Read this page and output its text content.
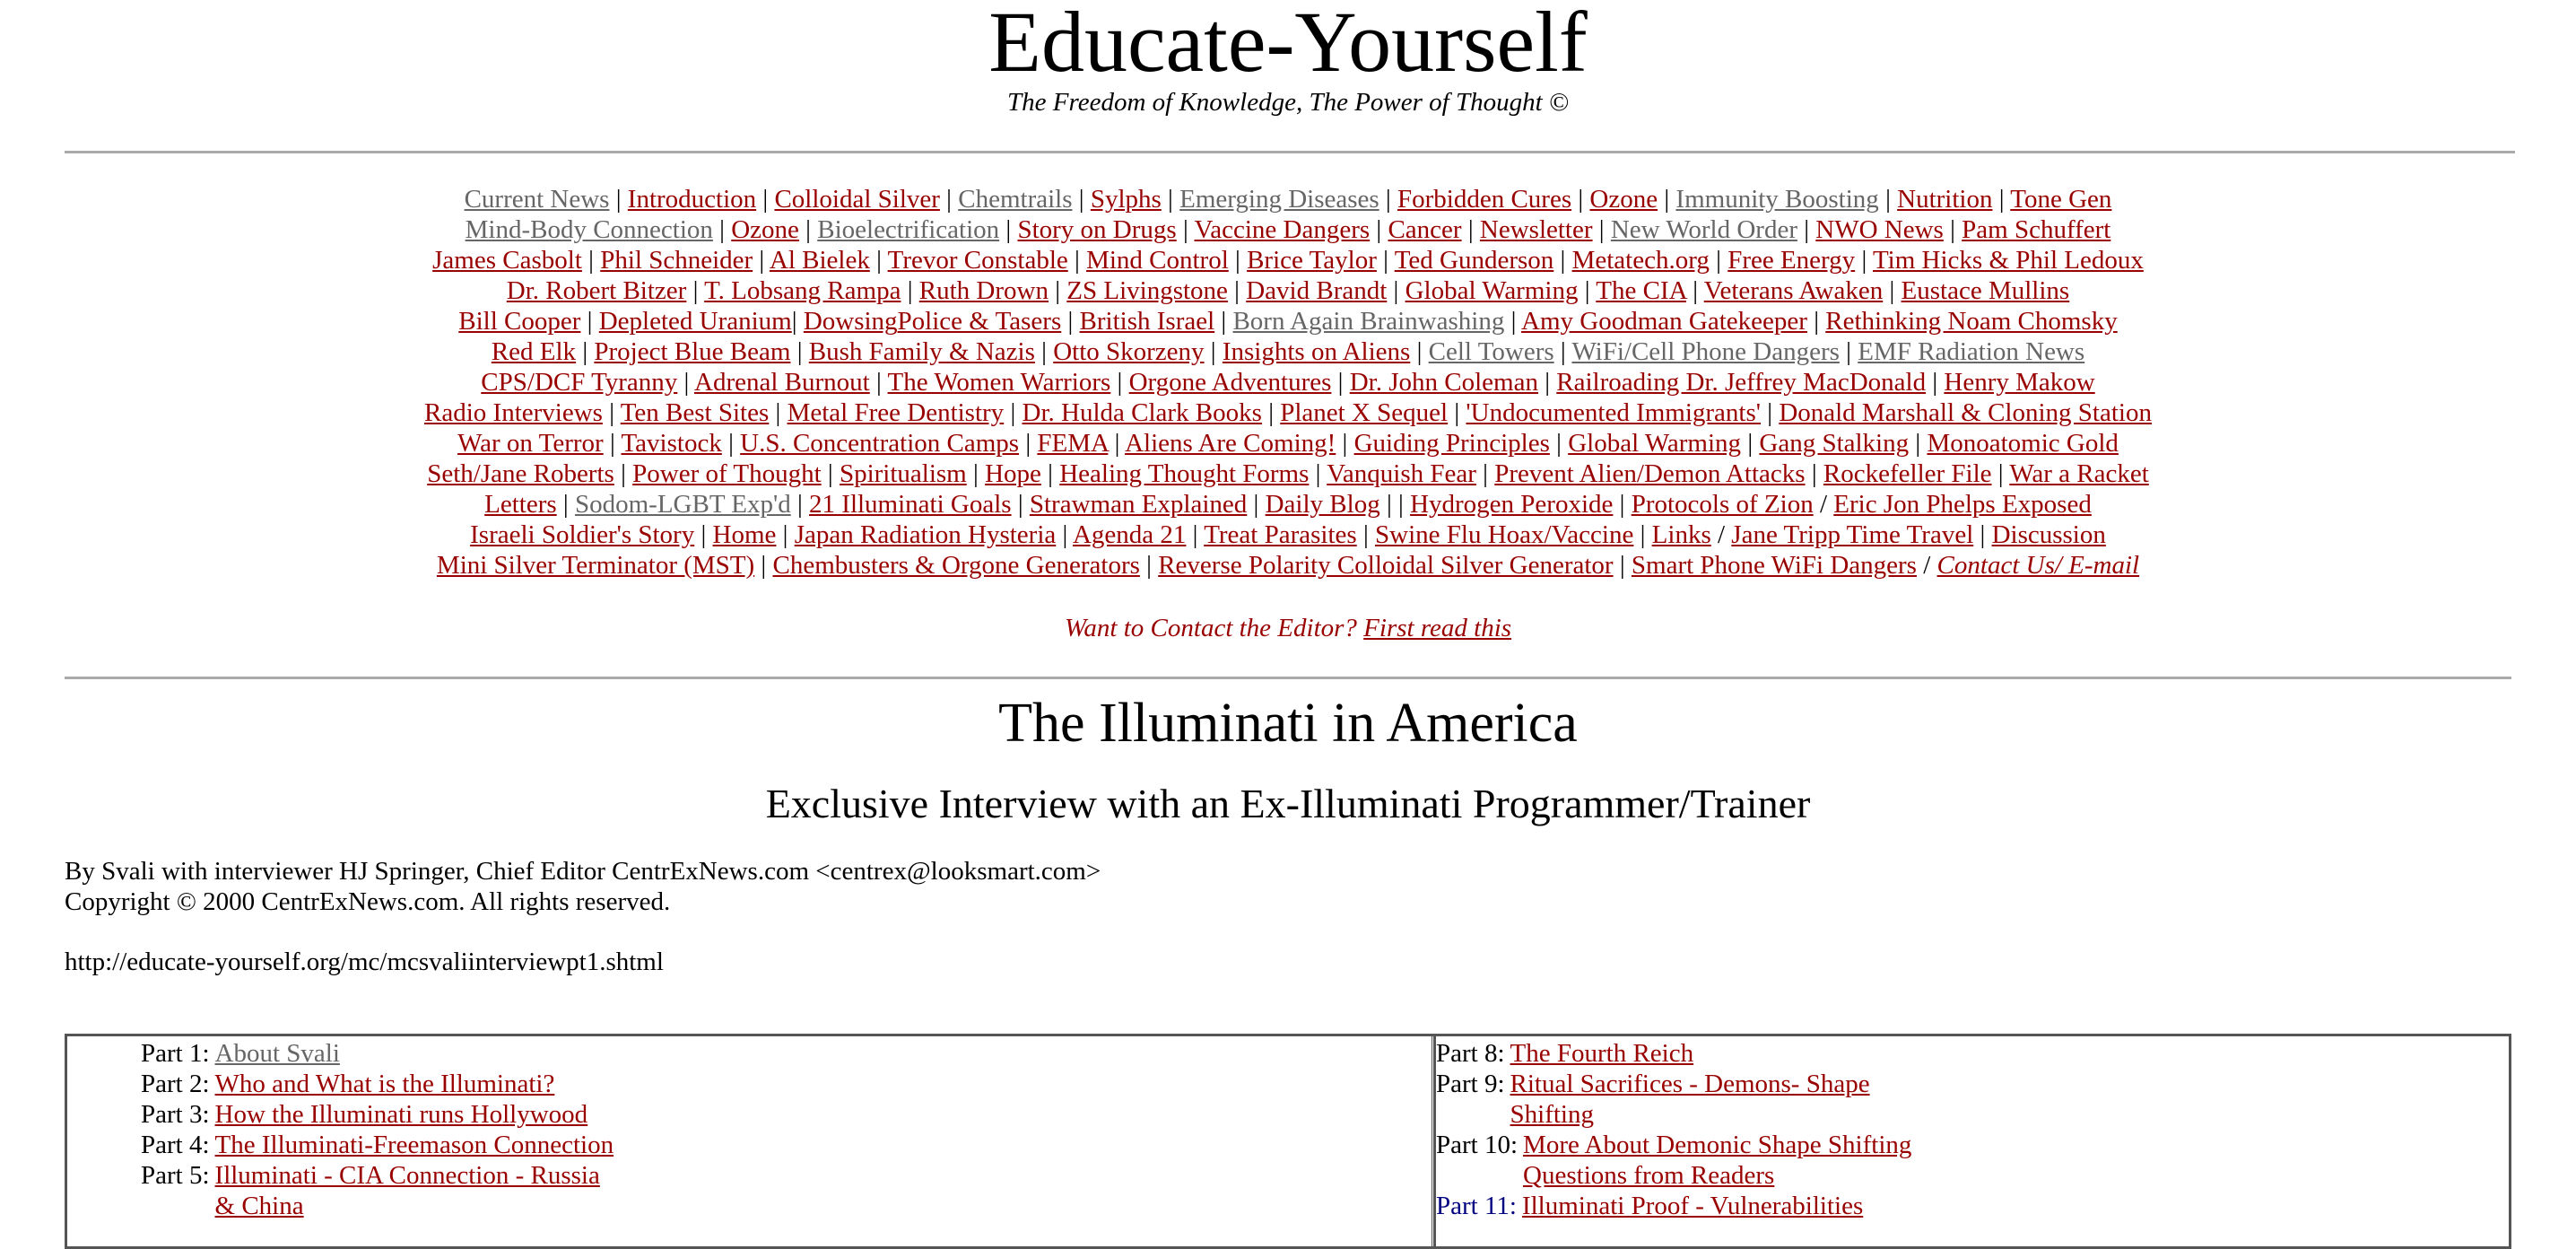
Educate-Yourself
The Freedom of Knowledge, The Power of Thought ©
Current News | Introduction | Colloidal Silver | Chemtrails | Sylphs | Emerging Diseases | Forbidden Cures | Ozone | Immunity Boosting | Nutrition | Tone Gen
Mind-Body Connection | Ozone | Bioelectrification | Story on Drugs | Vaccine Dangers | Cancer | Newsletter | New World Order | NWO News | Pam Schuffert
James Casbolt | Phil Schneider | Al Bielek | Trevor Constable | Mind Control | Brice Taylor | Ted Gunderson | Metatech.org | Free Energy | Tim Hicks & Phil Ledoux
Dr. Robert Bitzer | T. Lobsang Rampa | Ruth Drown | ZS Livingstone | David Brandt | Global Warming | The CIA | Veterans Awaken | Eustace Mullins
Bill Cooper | Depleted Uranium| DowsingPolice & Tasers | British Israel | Born Again Brainwashing | Amy Goodman Gatekeeper | Rethinking Noam Chomsky
Red Elk | Project Blue Beam | Bush Family & Nazis | Otto Skorzeny | Insights on Aliens | Cell Towers | WiFi/Cell Phone Dangers | EMF Radiation News
CPS/DCF Tyranny | Adrenal Burnout | The Women Warriors | Orgone Adventures | Dr. John Coleman | Railroading Dr. Jeffrey MacDonald | Henry Makow
Radio Interviews | Ten Best Sites | Metal Free Dentistry | Dr. Hulda Clark Books | Planet X Sequel | 'Undocumented Immigrants' | Donald Marshall & Cloning Station
War on Terror | Tavistock | U.S. Concentration Camps | FEMA | Aliens Are Coming! | Guiding Principles | Global Warming | Gang Stalking | Monoatomic Gold
Seth/Jane Roberts | Power of Thought | Spiritualism | Hope | Healing Thought Forms | Vanquish Fear | Prevent Alien/Demon Attacks | Rockefeller File | War a Racket
Letters | Sodom-LGBT Exp'd | 21 Illuminati Goals | Strawman Explained | Daily Blog | | Hydrogen Peroxide | Protocols of Zion / Eric Jon Phelps Exposed
Israeli Soldier's Story | Home | Japan Radiation Hysteria | Agenda 21 | Treat Parasites | Swine Flu Hoax/Vaccine | Links / Jane Tripp Time Travel | Discussion
Mini Silver Terminator (MST) | Chembusters & Orgone Generators | Reverse Polarity Colloidal Silver Generator | Smart Phone WiFi Dangers / Contact Us/ E-mail
Want to Contact the Editor? First read this
The Illuminati in America
Exclusive Interview with an Ex-Illuminati Programmer/Trainer
By Svali with interviewer HJ Springer, Chief Editor CentrExNews.com <centrex@looksmart.com>
Copyright © 2000 CentrExNews.com. All rights reserved.
http://educate-yourself.org/mc/mcsvaliinterviewpt1.shtml
Part 1: About Svali
Part 2: Who and What is the Illuminati?
Part 3: How the Illuminati runs Hollywood
Part 4: The Illuminati-Freemason Connection
Part 5: Illuminati - CIA Connection - Russia
& China
Part 8: The Fourth Reich
Part 9: Ritual Sacrifices - Demons- Shape
Shifting
Part 10: More About Demonic Shape Shifting
Questions from Readers
Part 11: Illuminati Proof - Vulnerabilities
